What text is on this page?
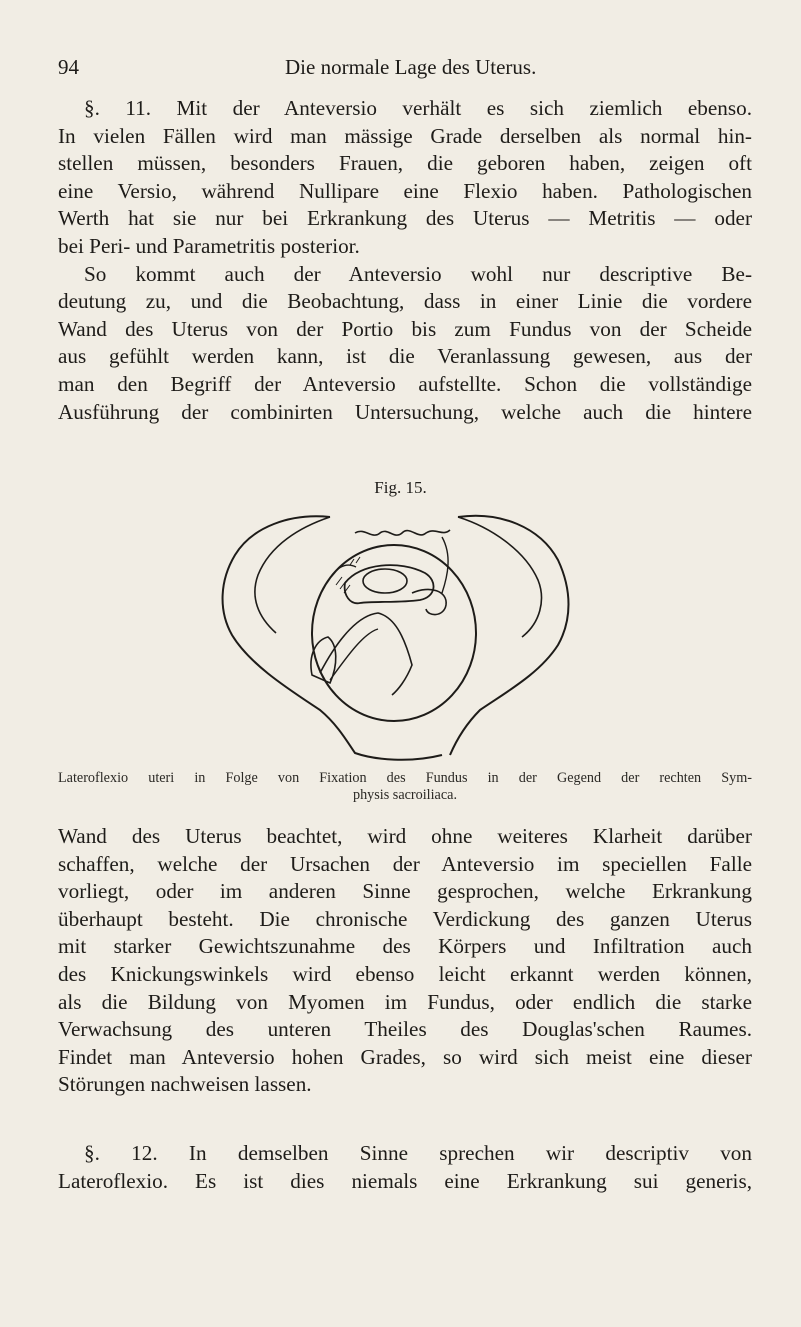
94	Die normale Lage des Uterus.
§. 11. Mit der Anteversio verhält es sich ziemlich ebenso.
In vielen Fällen wird man mässige Grade derselben als normal hin-
stellen müssen, besonders Frauen, die geboren haben, zeigen oft
eine Versio, während Nullipare eine Flexio haben. Pathologischen
Werth hat sie nur bei Erkrankung des Uterus — Metritis — oder
bei Peri- und Parametritis posterior.
So kommt auch der Anteversio wohl nur descriptive Be-
deutung zu, und die Beobachtung, dass in einer Linie die vordere
Wand des Uterus von der Portio bis zum Fundus von der Scheide
aus gefühlt werden kann, ist die Veranlassung gewesen, aus der
man den Begriff der Anteversio aufstellte. Schon die vollständige
Ausführung der combinirten Untersuchung, welche auch die hintere
Fig. 15.
Lateroflexio uteri in Folge von Fixation des Fundus in der Gegend der rechten Sym-
physis sacroiliaca.
Wand des Uterus beachtet, wird ohne weiteres Klarheit darüber
schaffen, welche der Ursachen der Anteversio im speciellen Falle
vorliegt, oder im anderen Sinne gesprochen, welche Erkrankung
überhaupt besteht. Die chronische Verdickung des ganzen Uterus
mit starker Gewichtszunahme des Körpers und Infiltration auch
des Knickungswinkels wird ebenso leicht erkannt werden können,
als die Bildung von Myomen im Fundus, oder endlich die starke
Verwachsung des unteren Theiles des Douglas'schen Raumes.
Findet man Anteversio hohen Grades, so wird sich meist eine dieser
Störungen nachweisen lassen.
§. 12. In demselben Sinne sprechen wir descriptiv von
Lateroflexio. Es ist dies niemals eine Erkrankung sui generis,
